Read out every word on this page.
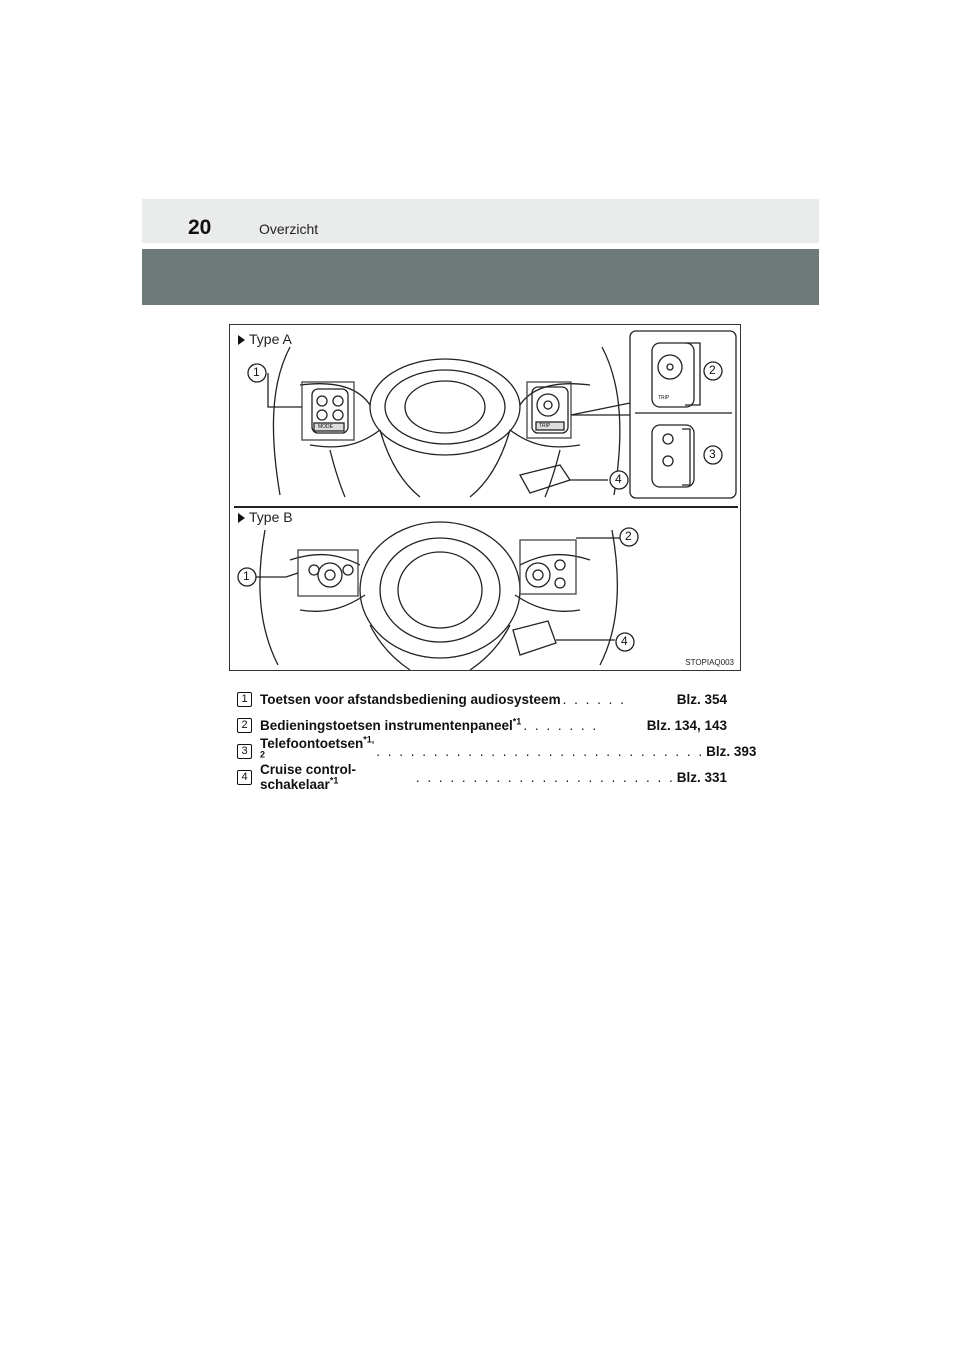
20	Overzicht
Type A
Type B
1	2
3
4
1
2
4
MODE	TRIP
TRIP
STOPIAQ003
1 Toetsen voor afstandsbediening audiosysteem . . . . . .	Blz. 354
2 Bedieningstoetsen instrumentenpaneel$^{*1}$ . . . . . . .	Blz. 134, 143
3 Telefoontoetsen$^{*1, 2}$	. . . . . . . . . . . . . . . . . . . . . . . . . . . . . Blz. 393
4 Cruise control-schakelaar$^{*1}$	. . . . . . . . . . . . . . . . . . . . . . . Blz. 331
